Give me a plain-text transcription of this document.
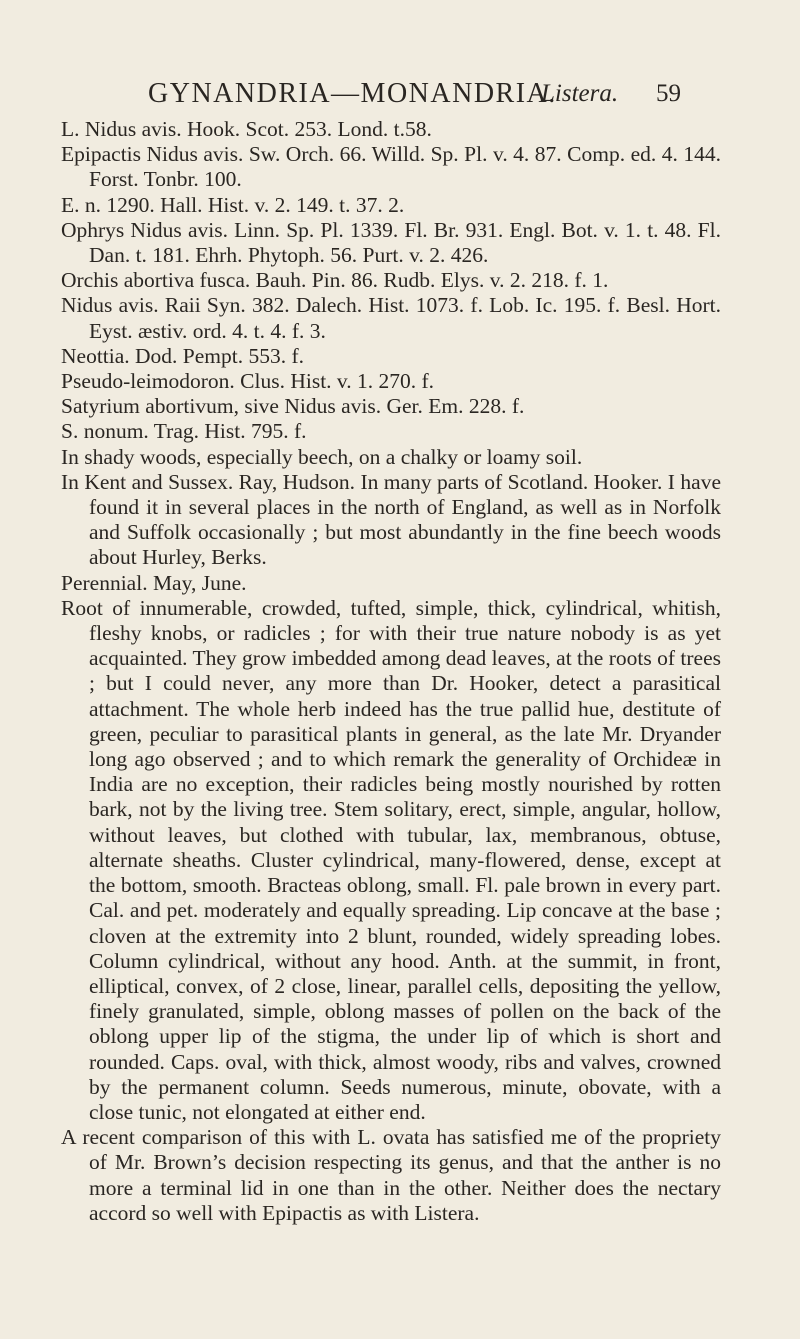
GYNANDRIA—MONANDRIA.
Listera. 59

L. Nidus avis. Hook. Scot. 253. Lond. t.58.

Epipactis Nidus avis. Sw. Orch. 66. Willd. Sp. Pl. v. 4. 87. Comp. ed. 4. 144. Forst. Tonbr. 100.

E. n. 1290. Hall. Hist. v. 2. 149. t. 37. 2.

Ophrys Nidus avis. Linn. Sp. Pl. 1339. Fl. Br. 931. Engl. Bot. v. 1. t. 48. Fl. Dan. t. 181. Ehrh. Phytoph. 56. Purt. v. 2. 426.

Orchis abortiva fusca. Bauh. Pin. 86. Rudb. Elys. v. 2. 218. f. 1.

Nidus avis. Raii Syn. 382. Dalech. Hist. 1073. f. Lob. Ic. 195. f. Besl. Hort. Eyst. æstiv. ord. 4. t. 4. f. 3.

Neottia. Dod. Pempt. 553. f.

Pseudo-leimodoron. Clus. Hist. v. 1. 270. f.

Satyrium abortivum, sive Nidus avis. Ger. Em. 228. f.

S. nonum. Trag. Hist. 795. f.

In shady woods, especially beech, on a chalky or loamy soil.

In Kent and Sussex. Ray, Hudson. In many parts of Scotland. Hooker. I have found it in several places in the north of England, as well as in Norfolk and Suffolk occasionally ; but most abundantly in the fine beech woods about Hurley, Berks.

Perennial. May, June.

Root of innumerable, crowded, tufted, simple, thick, cylindrical, whitish, fleshy knobs, or radicles ; for with their true nature nobody is as yet acquainted. They grow imbedded among dead leaves, at the roots of trees ; but I could never, any more than Dr. Hooker, detect a parasitical attachment. The whole herb indeed has the true pallid hue, destitute of green, peculiar to parasitical plants in general, as the late Mr. Dryander long ago observed ; and to which remark the generality of Orchideæ in India are no exception, their radicles being mostly nourished by rotten bark, not by the living tree. Stem solitary, erect, simple, angular, hollow, without leaves, but clothed with tubular, lax, membranous, obtuse, alternate sheaths. Cluster cylindrical, many-flowered, dense, except at the bottom, smooth. Bracteas oblong, small. Fl. pale brown in every part. Cal. and pet. moderately and equally spreading. Lip concave at the base ; cloven at the extremity into 2 blunt, rounded, widely spreading lobes. Column cylindrical, without any hood. Anth. at the summit, in front, elliptical, convex, of 2 close, linear, parallel cells, depositing the yellow, finely granulated, simple, oblong masses of pollen on the back of the oblong upper lip of the stigma, the under lip of which is short and rounded. Caps. oval, with thick, almost woody, ribs and valves, crowned by the permanent column. Seeds numerous, minute, obovate, with a close tunic, not elongated at either end.

A recent comparison of this with L. ovata has satisfied me of the propriety of Mr. Brown’s decision respecting its genus, and that the anther is no more a terminal lid in one than in the other. Neither does the nectary accord so well with Epipactis as with Listera.
